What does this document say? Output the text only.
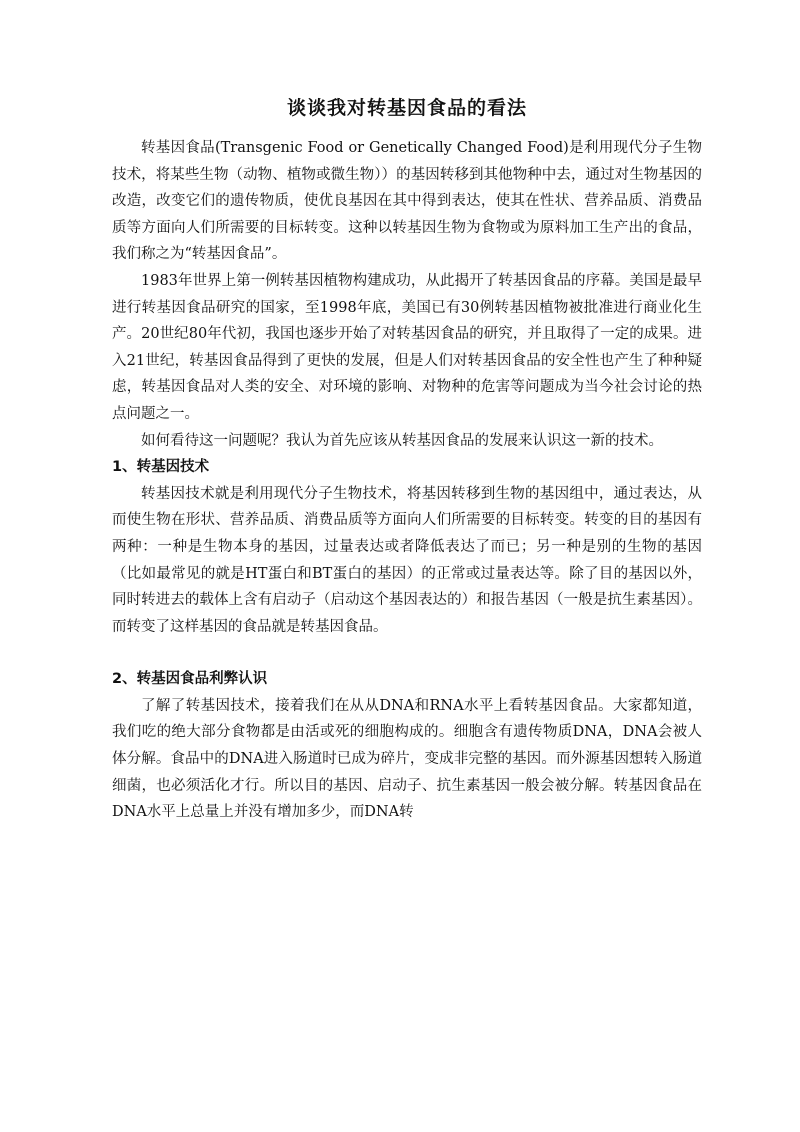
谈谈我对转基因食品的看法

转基因食品(Transgenic Food or Genetically Changed Food)是利用现代分子生物技术，将某些生物（动物、植物或微生物））的基因转移到其他物种中去，通过对生物基因的改造，改变它们的遗传物质，使优良基因在其中得到表达，使其在性状、营养品质、消费品质等方面向人们所需要的目标转变。这种以转基因生物为食物或为原料加工生产出的食品，我们称之为“转基因食品”。

1983年世界上第一例转基因植物构建成功，从此揭开了转基因食品的序幕。美国是最早进行转基因食品研究的国家，至1998年底，美国已有30例转基因植物被批准进行商业化生产。20世纪80年代初，我国也逐步开始了对转基因食品的研究，并且取得了一定的成果。进入21世纪，转基因食品得到了更快的发展，但是人们对转基因食品的安全性也产生了种种疑虑，转基因食品对人类的安全、对环境的影响、对物种的危害等问题成为当今社会讨论的热点问题之一。

如何看待这一问题呢？我认为首先应该从转基因食品的发展来认识这一新的技术。

1、转基因技术

转基因技术就是利用现代分子生物技术，将基因转移到生物的基因组中，通过表达，从而使生物在形状、营养品质、消费品质等方面向人们所需要的目标转变。转变的目的基因有两种：一种是生物本身的基因，过量表达或者降低表达了而已；另一种是别的生物的基因（比如最常见的就是HT蛋白和BT蛋白的基因）的正常或过量表达等。除了目的基因以外，同时转进去的载体上含有启动子（启动这个基因表达的）和报告基因（一般是抗生素基因）。而转变了这样基因的食品就是转基因食品。

2、转基因食品利弊认识

了解了转基因技术，接着我们在从从DNA和RNA水平上看转基因食品。大家都知道，我们吃的绝大部分食物都是由活或死的细胞构成的。细胞含有遗传物质DNA，DNA会被人体分解。食品中的DNA进入肠道时已成为碎片，变成非完整的基因。而外源基因想转入肠道细菌，也必须活化才行。所以目的基因、启动子、抗生素基因一般会被分解。转基因食品在DNA水平上总量上并没有增加多少，而DNA转
